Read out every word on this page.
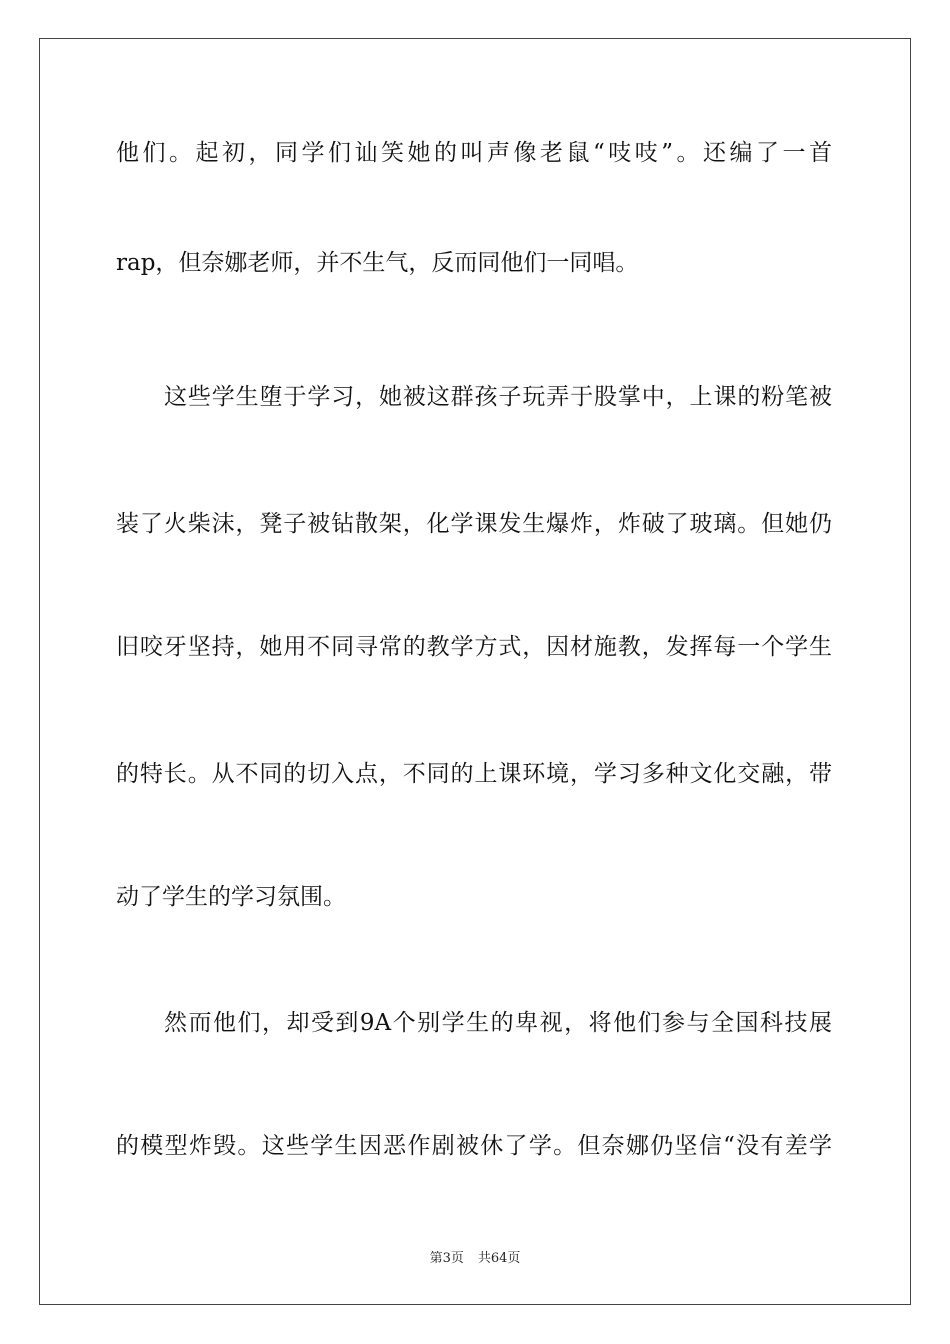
他们。起初，同学们讪笑她的叫声像老鼠“吱吱”。还编了一首
rap，但奈娜老师，并不生气，反而同他们一同唱。
这些学生堕于学习，她被这群孩子玩弄于股掌中，上课的粉笔被
装了火柴沫，凳子被钻散架，化学课发生爆炸，炸破了玻璃。但她仍
旧咬牙坚持，她用不同寻常的教学方式，因材施教，发挥每一个学生
的特长。从不同的切入点，不同的上课环境，学习多种文化交融，带
动了学生的学习氛围。
然而他们，却受到9A个别学生的卑视，将他们参与全国科技展
的模型炸毁。这些学生因恶作剧被休了学。但奈娜仍坚信“没有差学
第3页 共64页
